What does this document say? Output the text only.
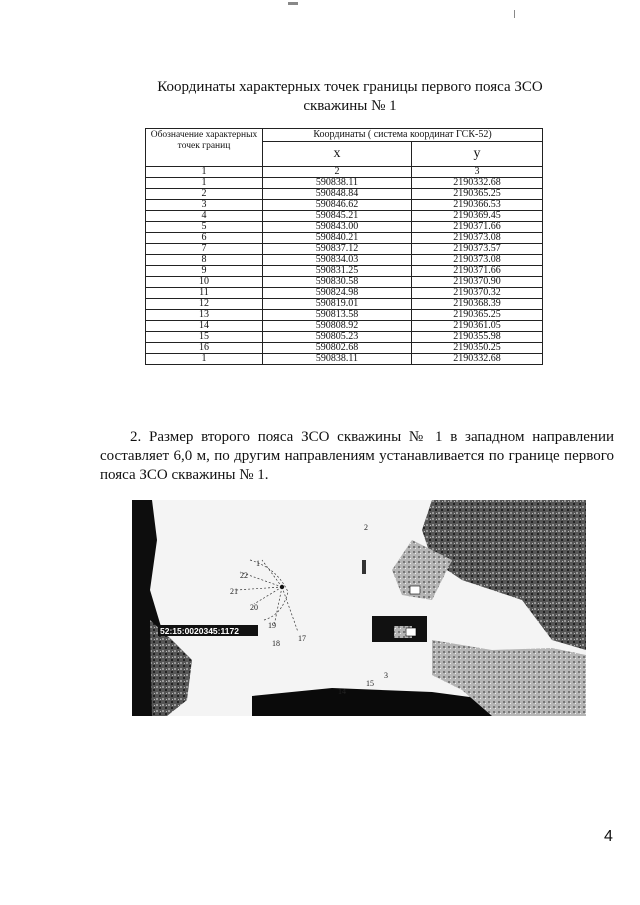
Координаты характерных точек границы первого пояса ЗСО
скважины № 1
Обозначение характерных точек границ	Координаты ( система координат ГСК-52)	
	x	y
1	2	3
1	590838.11	2190332.68
2	590848.84	2190365.25
3	590846.62	2190366.53
4	590845.21	2190369.45
5	590843.00	2190371.66
6	590840.21	2190373.08
7	590837.12	2190373.57
8	590834.03	2190373.08
9	590831.25	2190371.66
10	590830.58	2190370.90
11	590824.98	2190370.32
12	590819.01	2190368.39
13	590813.58	2190365.25
14	590808.92	2190361.05
15	590805.23	2190355.98
16	590802.68	2190350.25
1	590838.11	2190332.68
2. Размер второго пояса ЗСО скважины № 1 в западном направлении составляет 6,0 м, по другим направлениям устанавливается по границе первого пояса ЗСО скважины № 1.
52:15:0020345:1172
1
2
3
14
15
17
18
19
20
21
22
4
